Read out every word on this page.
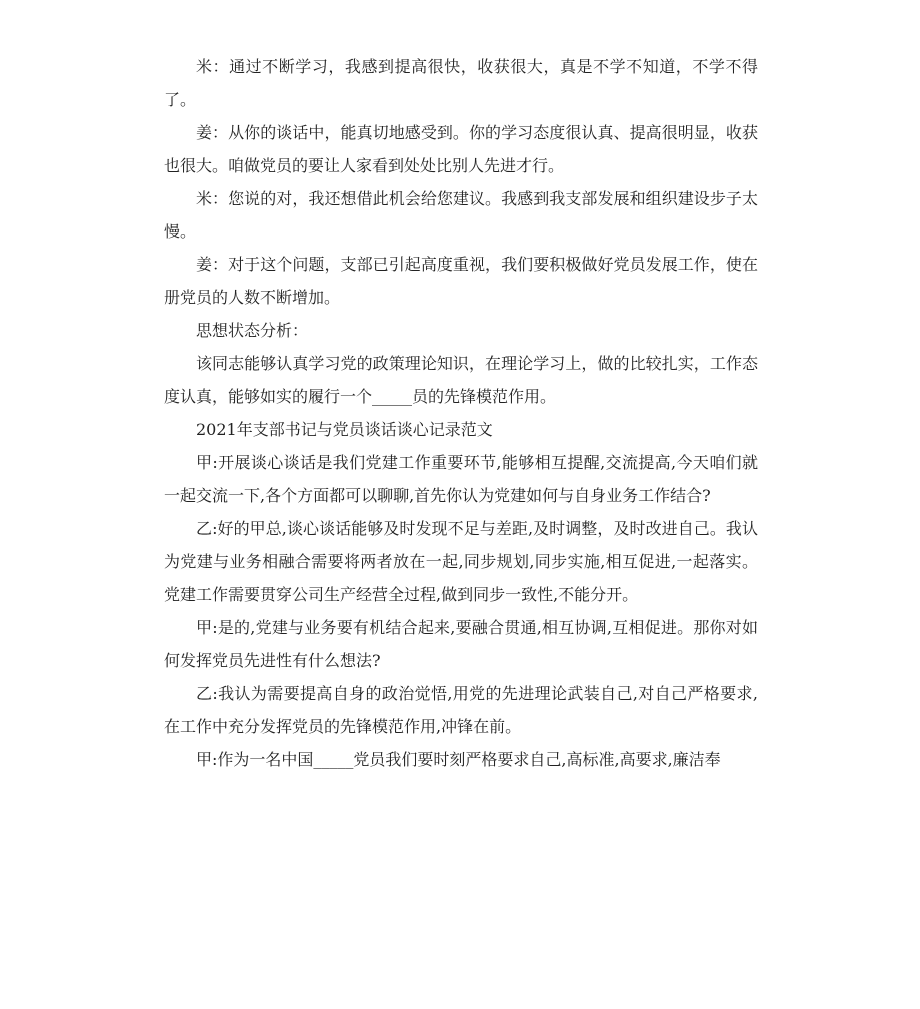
米：通过不断学习，我感到提高很快，收获很大，真是不学不知道，不学不得了。

姜：从你的谈话中，能真切地感受到。你的学习态度很认真、提高很明显，收获也很大。咱做党员的要让人家看到处处比别人先进才行。

米：您说的对，我还想借此机会给您建议。我感到我支部发展和组织建设步子太慢。

姜：对于这个问题，支部已引起高度重视，我们要积极做好党员发展工作，使在册党员的人数不断增加。

思想状态分析：

该同志能够认真学习党的政策理论知识，在理论学习上，做的比较扎实，工作态度认真，能够如实的履行一个_____员的先锋模范作用。

2021年支部书记与党员谈话谈心记录范文

甲:开展谈心谈话是我们党建工作重要环节,能够相互提醒,交流提高,今天咱们就一起交流一下,各个方面都可以聊聊,首先你认为党建如何与自身业务工作结合?

乙:好的甲总,谈心谈话能够及时发现不足与差距,及时调整，及时改进自己。我认为党建与业务相融合需要将两者放在一起,同步规划,同步实施,相互促进,一起落实。党建工作需要贯穿公司生产经营全过程,做到同步一致性,不能分开。

甲:是的,党建与业务要有机结合起来,要融合贯通,相互协调,互相促进。那你对如何发挥党员先进性有什么想法?

乙:我认为需要提高自身的政治觉悟,用党的先进理论武装自己,对自己严格要求,在工作中充分发挥党员的先锋模范作用,冲锋在前。

甲:作为一名中国_____党员我们要时刻严格要求自己,高标准,高要求,廉洁奉
